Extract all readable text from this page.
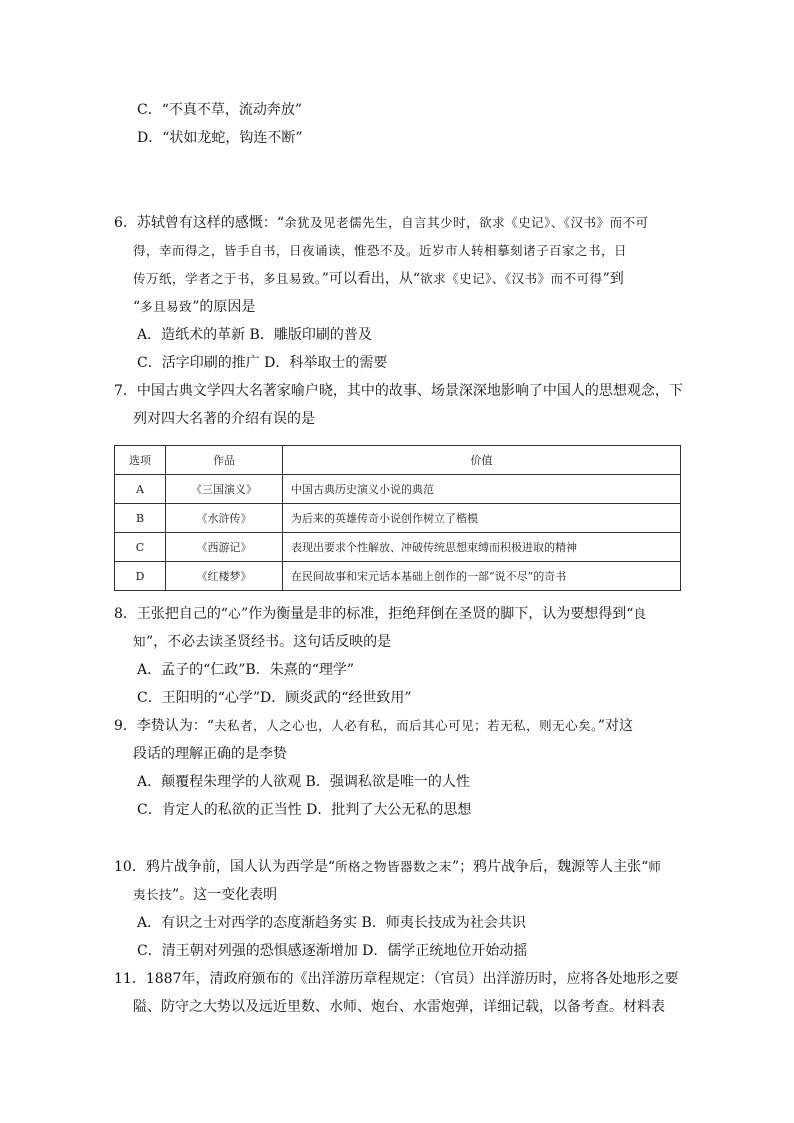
C．“不真不草，流动奔放”
D．“状如龙蛇，钩连不断”
6．苏轼曾有这样的感慨：“余犹及见老儒先生，自言其少时，欲求《史记》、《汉书》而不可
得，幸而得之，皆手自书，日夜诵读，惟恐不及。近岁市人转相摹刻诸子百家之书，日
传万纸，学者之于书，多且易致。”可以看出，从“欲求《史记》、《汉书》而不可得”到
“多且易致”的原因是
A．造纸术的革新 B．雕版印刷的普及
C．活字印刷的推广 D．科举取士的需要
7．中国古典文学四大名著家喻户晓，其中的故事、场景深深地影响了中国人的思想观念，下
列对四大名著的介绍有误的是
选项	作品	价值
A	《三国演义》	中国古典历史演义小说的典范
B	《水浒传》	为后来的英雄传奇小说创作树立了楷模
C	《西游记》	表现出要求个性解放、冲破传统思想束缚而积极进取的精神
D	《红楼梦》	在民间故事和宋元话本基础上创作的一部“说不尽”的奇书
8．王张把自己的“心”作为衡量是非的标准，拒绝拜倒在圣贤的脚下，认为要想得到“良
知”，不必去读圣贤经书。这句话反映的是
A．孟子的“仁政”B．朱熹的“理学”
C．王阳明的“心学”D．顾炎武的“经世致用”
9．李贽认为：“夫私者，人之心也，人必有私，而后其心可见；若无私，则无心矣。”对这
段话的理解正确的是李贽
A．颠覆程朱理学的人欲观 B．强调私欲是唯一的人性
C．肯定人的私欲的正当性 D．批判了大公无私的思想
10．鸦片战争前，国人认为西学是“所格之物皆器数之末”；鸦片战争后，魏源等人主张“师
夷长技”。这一变化表明
A．有识之士对西学的态度渐趋务实 B．师夷长技成为社会共识
C．清王朝对列强的恐惧感逐渐增加 D．儒学正统地位开始动摇
11．1887年，清政府颁布的《出洋游历章程规定：（官员）出洋游历时，应将各处地形之要
隘、防守之大势以及远近里数、水师、炮台、水雷炮弹，详细记载，以备考查。材料表
